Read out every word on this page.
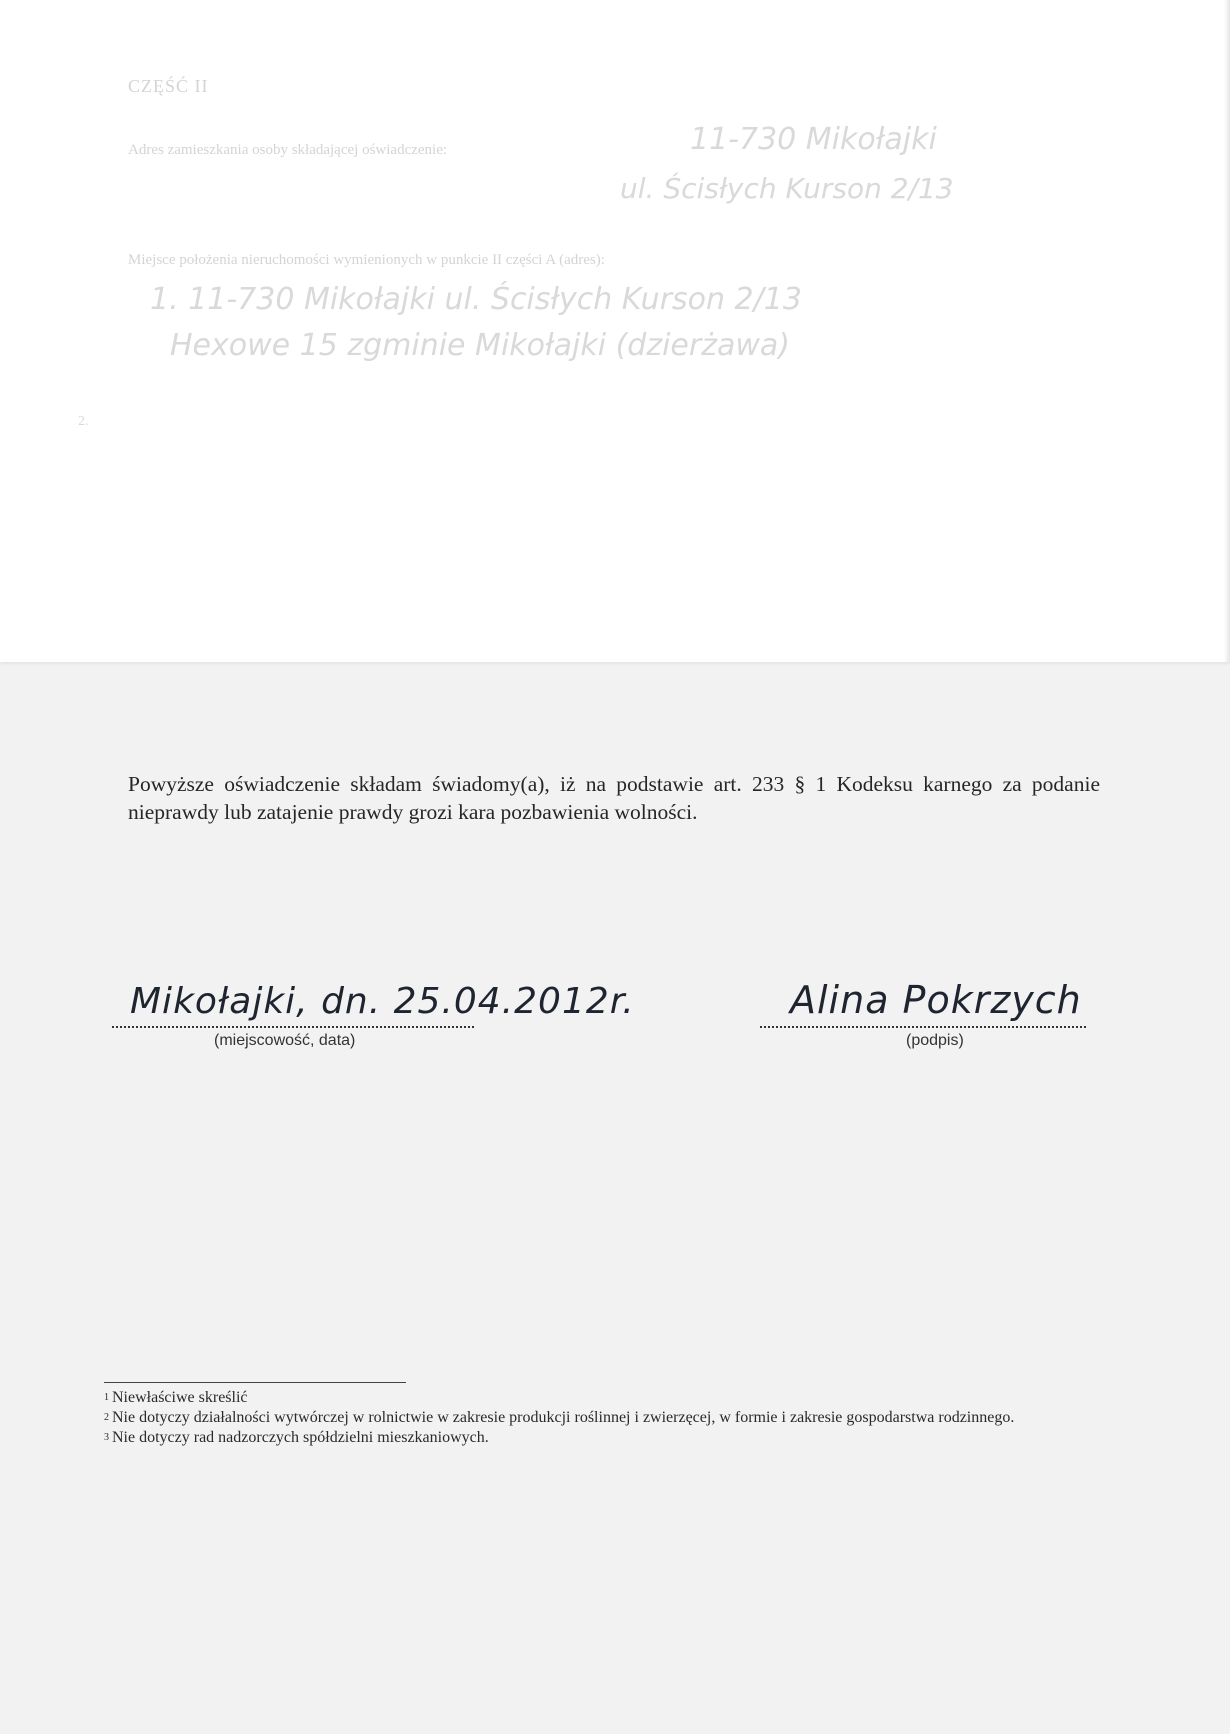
CZĘŚĆ II
Adres zamieszkania osoby składającej oświadczenie:	11-730 Mikołajki
ul. Ścisłych Kurson 2/13
Miejsce położenia nieruchomości wymienionych w punkcie II części A (adres):
1. 11-730 Mikołajki ul. Ścisłych Kurson 2/13
Hexowe 15 zgminie Mikołajki (dzierżawa)
2.
Powyższe oświadczenie składam świadomy(a), iż na podstawie art. 233 § 1 Kodeksu karnego za podanie nieprawdy lub zatajenie prawdy grozi kara pozbawienia wolności.
Mikołajki, dn. 25.04.2012r.
(miejscowość, data)
Alina Pokrzych
(podpis)

$^1$ Niewłaściwe skreślić

$^2$ Nie dotyczy działalności wytwórczej w rolnictwie w zakresie produkcji roślinnej i zwierzęcej, w formie i zakresie gospodarstwa rodzinnego.

$^3$ Nie dotyczy rad nadzorczych spółdzielni mieszkaniowych.
